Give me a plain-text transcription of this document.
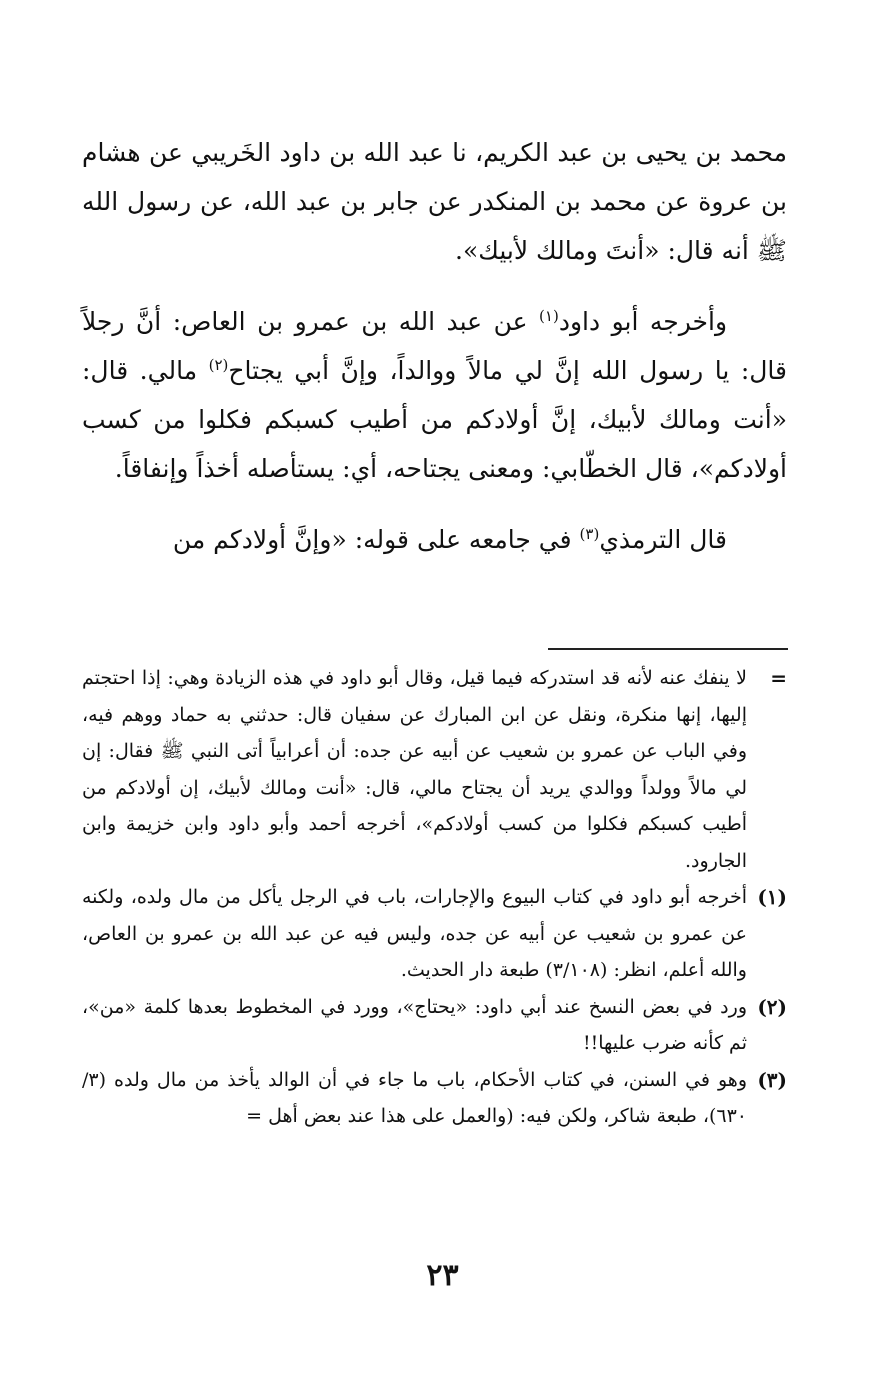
محمد بن يحيى بن عبد الكريم، نا عبد الله بن داود الخَريبي عن هشام بن عروة عن محمد بن المنكدر عن جابر بن عبد الله، عن رسول الله ﷺ أنه قال: «أنتَ ومالك لأبيك».

وأخرجه أبو داود$^{(١)}$ عن عبد الله بن عمرو بن العاص: أنَّ رجلاً قال: يا رسول الله إنَّ لي مالاً ووالداً، وإنَّ أبي يجتاح$^{(٢)}$ مالي. قال: «أنت ومالك لأبيك، إنَّ أولادكم من أطيب كسبكم فكلوا من كسب أولادكم»، قال الخطّابي: ومعنى يجتاحه، أي: يستأصله أخذاً وإنفاقاً.

قال الترمذي$^{(٣)}$ في جامعه على قوله: «وإنَّ أولادكم من

=
لا ينفك عنه لأنه قد استدركه فيما قيل، وقال أبو داود في هذه الزيادة وهي: إذا احتجتم إليها، إنها منكرة، ونقل عن ابن المبارك عن سفيان قال: حدثني به حماد ووهم فيه، وفي الباب عن عمرو بن شعيب عن أبيه عن جده: أن أعرابياً أتى النبي ﷺ فقال: إن لي مالاً وولداً ووالدي يريد أن يجتاح مالي، قال: «أنت ومالك لأبيك، إن أولادكم من أطيب كسبكم فكلوا من كسب أولادكم»، أخرجه أحمد وأبو داود وابن خزيمة وابن الجارود.

(١)
أخرجه أبو داود في كتاب البيوع والإجارات، باب في الرجل يأكل من مال ولده، ولكنه عن عمرو بن شعيب عن أبيه عن جده، وليس فيه عن عبد الله بن عمرو بن العاص، والله أعلم، انظر: (٣/١٠٨) طبعة دار الحديث.

(٢)
ورد في بعض النسخ عند أبي داود: «يحتاج»، وورد في المخطوط بعدها كلمة «من»، ثم كأنه ضرب عليها!!

(٣)
وهو في السنن، في كتاب الأحكام، باب ما جاء في أن الوالد يأخذ من مال ولده (٣/ ٦٣٠)، طبعة شاكر، ولكن فيه: (والعمل على هذا عند بعض أهل =

٢٣
